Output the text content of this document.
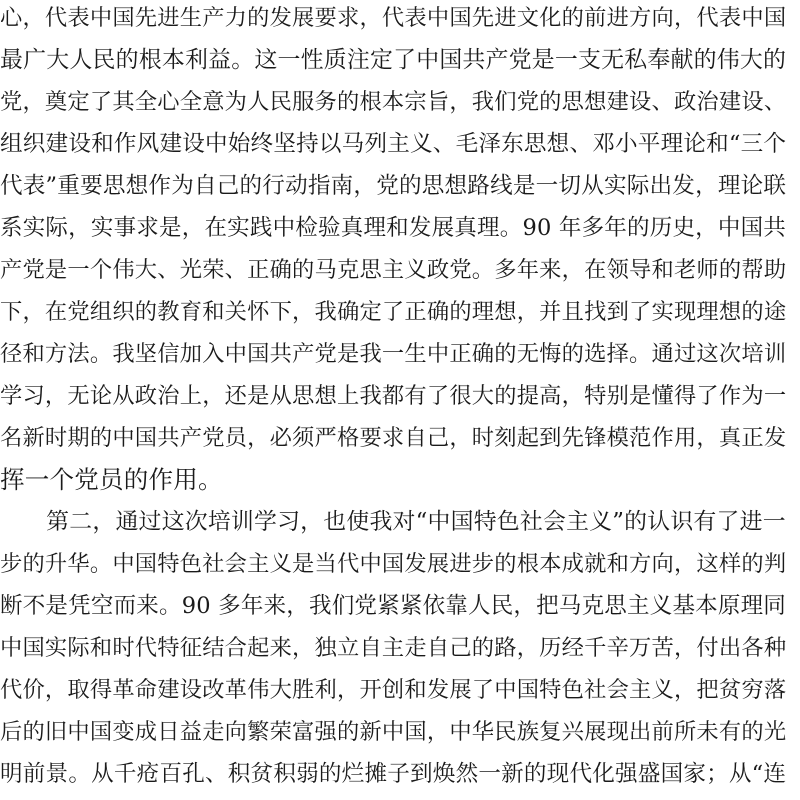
心，代表中国先进生产力的发展要求，代表中国先进文化的前进方向，代表中国
最广大人民的根本利益。这一性质注定了中国共产党是一支无私奉献的伟大的
党，奠定了其全心全意为人民服务的根本宗旨，我们党的思想建设、政治建设、
组织建设和作风建设中始终坚持以马列主义、毛泽东思想、邓小平理论和“三个
代表”重要思想作为自己的行动指南，党的思想路线是一切从实际出发，理论联
系实际，实事求是，在实践中检验真理和发展真理。90 年多年的历史，中国共
产党是一个伟大、光荣、正确的马克思主义政党。多年来，在领导和老师的帮助
下，在党组织的教育和关怀下，我确定了正确的理想，并且找到了实现理想的途
径和方法。我坚信加入中国共产党是我一生中正确的无悔的选择。通过这次培训
学习，无论从政治上，还是从思想上我都有了很大的提高，特别是懂得了作为一
名新时期的中国共产党员，必须严格要求自己，时刻起到先锋模范作用，真正发
挥一个党员的作用。
　　第二，通过这次培训学习，也使我对“中国特色社会主义”的认识有了进一
步的升华。中国特色社会主义是当代中国发展进步的根本成就和方向，这样的判
断不是凭空而来。90 多年来，我们党紧紧依靠人民，把马克思主义基本原理同
中国实际和时代特征结合起来，独立自主走自己的路，历经千辛万苦，付出各种
代价，取得革命建设改革伟大胜利，开创和发展了中国特色社会主义，把贫穷落
后的旧中国变成日益走向繁荣富强的新中国，中华民族复兴展现出前所未有的光
明前景。从千疮百孔、积贫积弱的烂摊子到焕然一新的现代化强盛国家；从“连
